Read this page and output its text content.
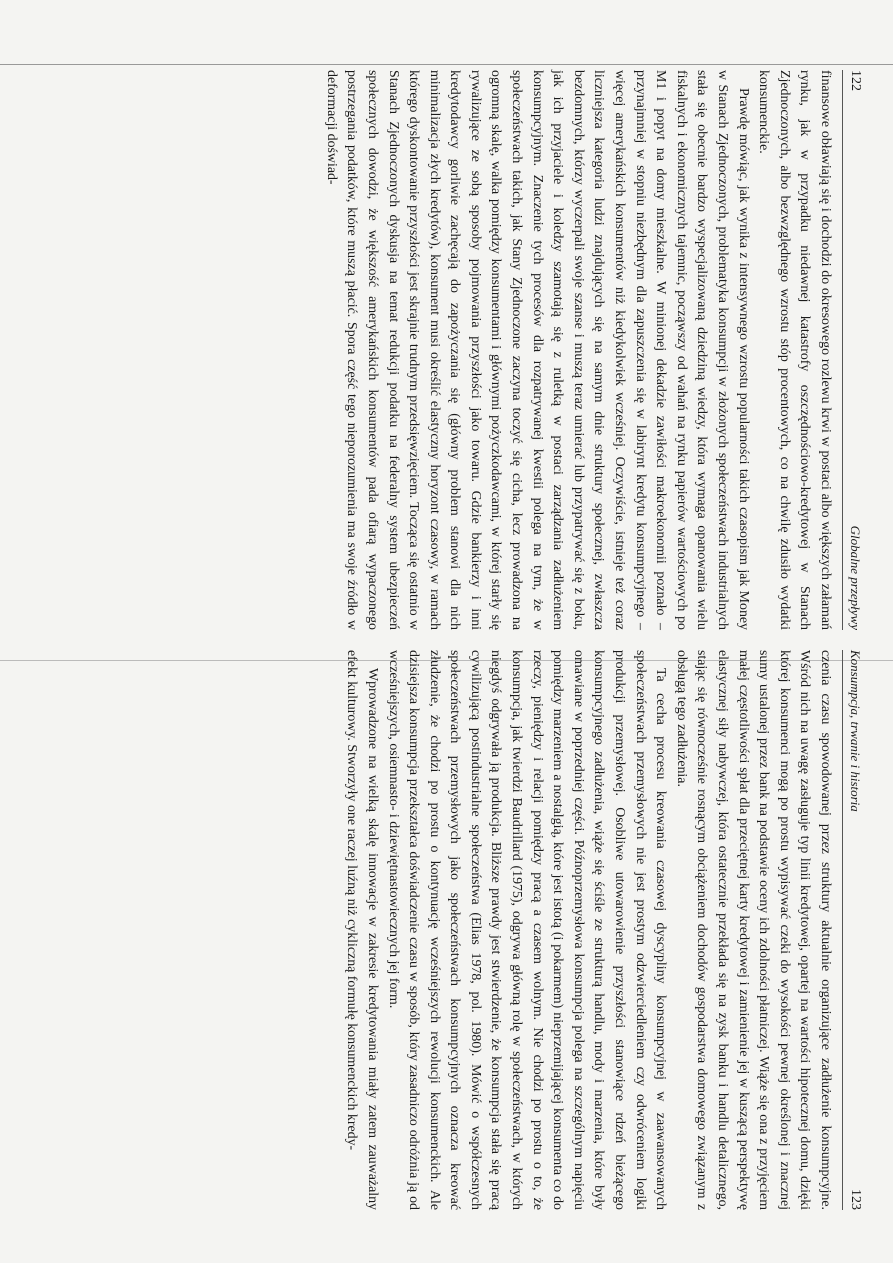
122
Globalne przepływy

finansowe obławiają się i dochodzi do okresowego rozlewu krwi w postaci albo większych załamań rynku, jak w przypadku niedawnej katastrofy oszczędnościowo-kredytowej w Stanach Zjednoczonych, albo bezwzględnego wzrostu stóp procentowych, co na chwilę zdusiło wydatki konsumenckie.

Prawdę mówiąc, jak wynika z intensywnego wzrostu popularności takich czasopism jak Money w Stanach Zjednoczonych, problematyka konsumpcji w złożonych społeczeństwach industrialnych stała się obecnie bardzo wyspecjalizowaną dziedziną wiedzy, która wymaga opanowania wielu fiskalnych i ekonomicznych tajemnic, począwszy od wahań na rynku papierów wartościowych po M1 i popyt na domy mieszkalne. W minionej dekadzie zawiłości makroekonomii poznało – przynajmniej w stopniu niezbędnym dla zapuszczenia się w labirynt kredytu konsumpcyjnego – więcej amerykańskich konsumentów niż kiedykolwiek wcześniej. Oczywiście, istnieje też coraz liczniejsza kategoria ludzi znajdujących się na samym dnie struktury społecznej, zwłaszcza bezdomnych, którzy wyczerpali swoje szanse i muszą teraz umierać lub przypatrywać się z boku, jak ich przyjaciele i koledzy szamotają się z ruletką w postaci zarządzania zadłużeniem konsumpcyjnym. Znaczenie tych procesów dla rozpatrywanej kwestii polega na tym, że w społeczeństwach takich, jak Stany Zjednoczone zaczyna toczyć się cicha, lecz prowadzona na ogromną skalę, walka pomiędzy konsumentami i głównymi pożyczkodawcami, w której starły się rywalizujące ze sobą sposoby pojmowania przyszłości jako towaru. Gdzie bankierzy i inni kredytodawcy gorliwie zachęcają do zapożyczania się (główny problem stanowi dla nich minimalizacja złych kredytów), konsument musi określić elastyczny horyzont czasowy, w ramach którego dyskontowanie przyszłości jest skrajnie trudnym przedsięwzięciem. Tocząca się ostatnio w Stanach Zjednoczonych dyskusja na temat redukcji podatku na federalny system ubezpieczeń społecznych dowodzi, że większość amerykańskich konsumentów pada ofiarą wypaczonego postrzegania podatków, które muszą płacić. Spora część tego nieporozumienia ma swoje źródło w deformacji doświad-

Konsumpcja, trwanie i historia
123

czenia czasu spowodowanej przez struktury aktualnie organizujące zadłużenie konsumpcyjne. Wśród nich na uwagę zasługuje typ linii kredytowej, opartej na wartości hipotecznej domu, dzięki której konsumenci mogą po prostu wypisywać czeki do wysokości pewnej określonej i znacznej sumy ustalonej przez bank na podstawie oceny ich zdolności płatniczej. Wiąże się ona z przyjęciem małej częstotliwości spłat dla przeciętnej karty kredytowej i zamienienie jej w kuszącą perspektywę elastycznej siły nabywczej, która ostatecznie przekłada się na zysk banku i handlu detalicznego, stając się równocześnie rosnącym obciążeniem dochodów gospodarstwa domowego związanym z obsługą tego zadłużenia.

Ta cecha procesu kreowania czasowej dyscypliny konsumpcyjnej w zaawansowanych społeczeństwach przemysłowych nie jest prostym odzwierciedleniem czy odwróceniem logiki produkcji przemysłowej. Osobliwe utowarowienie przyszłości stanowiące rdzeń bieżącego konsumpcyjnego zadłużenia, wiąże się ściśle ze strukturą handlu, mody i marzenia, które były omawiane w poprzedniej części. Późnoprzemysłowa konsumpcja polega na szczególnym napięciu pomiędzy marzeniem a nostalgią, które jest istotą (i pokarmem) nieprzemijającej konsumenta co do rzeczy, pieniędzy i relacji pomiędzy pracą a czasem wolnym. Nie chodzi po prostu o to, że konsumpcja, jak twierdzi Baudrillard (1975), odgrywa główną rolę w społeczeństwach, w których niegdyś odgrywała ją produkcja. Bliższe prawdy jest stwierdzenie, że konsumpcja stała się pracą cywilizującą postindustrialne społeczeństwa (Elias 1978, pol. 1980). Mówić o współczesnych społeczeństwach przemysłowych jako społeczeństwach konsumpcyjnych oznacza kreować złudzenie, że chodzi po prostu o kontynuację wcześniejszych rewolucji konsumenckich. Ale dzisiejsza konsumpcja przekształca doświadczenie czasu w sposób, który zasadniczo odróżnia ją od wcześniejszych, osiemnasto- i dziewiętnastowiecznych jej form.

Wprowadzone na wielką skalę innowacje w zakresie kredytowania miały zatem zauważalny efekt kulturowy. Stworzyły one raczej luźną niż cykliczną formułę konsumenckich kredy-
